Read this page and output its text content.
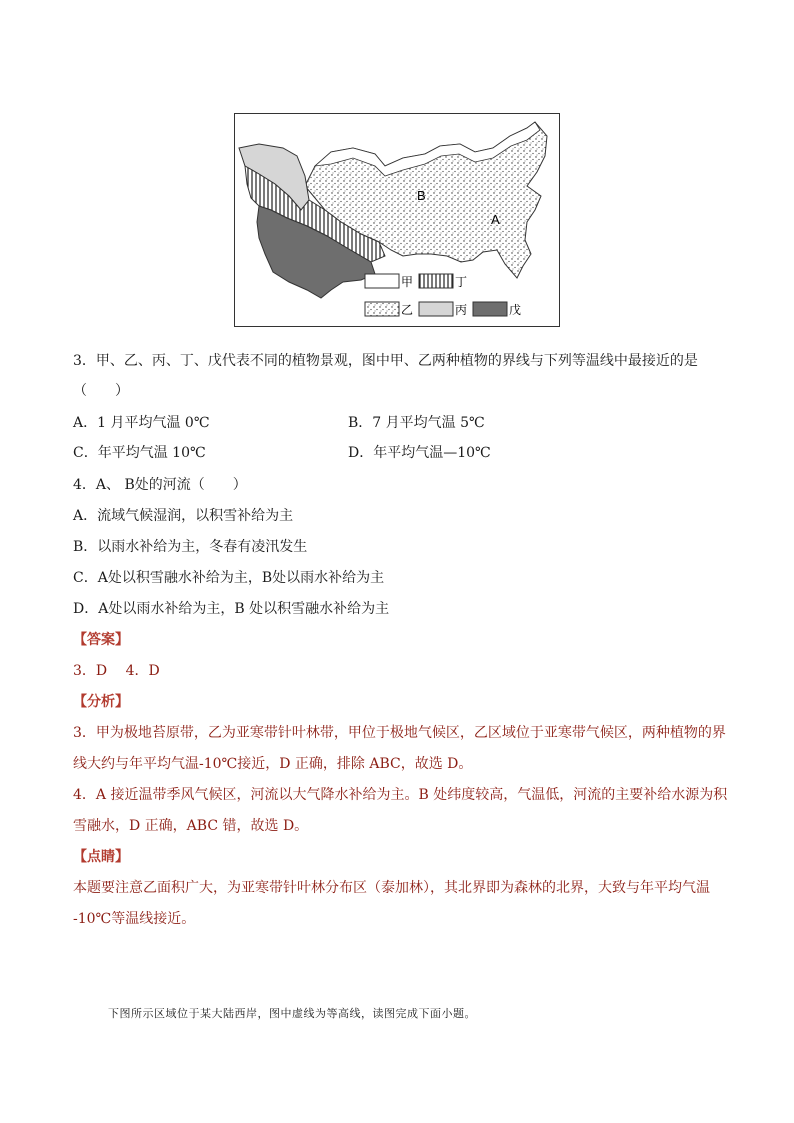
B
A
甲	丁
乙	丙	戊
3．甲、乙、丙、丁、戊代表不同的植物景观，图中甲、乙两种植物的界线与下列等温线中最接近的是
（　　）
A．1 月平均气温 0℃	B．7 月平均气温 5℃
C．年平均气温 10℃	D．年平均气温—10℃
4．A、 B处的河流（　　）
A．流域气候湿润，以积雪补给为主
B．以雨水补给为主，冬春有凌汛发生
C．A处以积雪融水补给为主，B处以雨水补给为主
D．A处以雨水补给为主，B 处以积雪融水补给为主
【答案】
3．D　 4．D
【分析】
3．甲为极地苔原带，乙为亚寒带针叶林带，甲位于极地气候区，乙区域位于亚寒带气候区，两种植物的界
线大约与年平均气温-10℃接近，D 正确，排除 ABC，故选 D。
4．A 接近温带季风气候区，河流以大气降水补给为主。B 处纬度较高，气温低，河流的主要补给水源为积
雪融水，D 正确，ABC 错，故选 D。
【点睛】
本题要注意乙面积广大，为亚寒带针叶林分布区（泰加林），其北界即为森林的北界，大致与年平均气温
-10℃等温线接近。
下图所示区域位于某大陆西岸，图中虚线为等高线，读图完成下面小题。
